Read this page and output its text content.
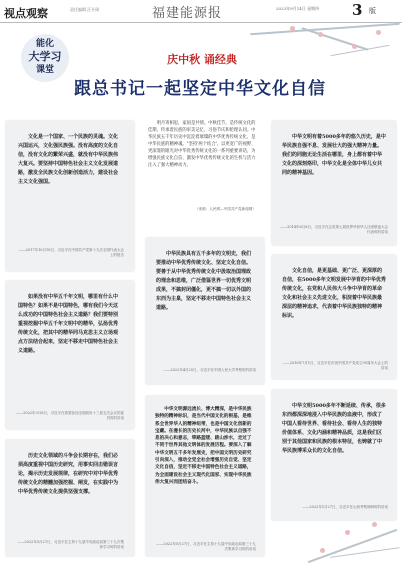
视点观察	责任编辑 汪开闻	福建能源报	2023年9月14日 星期四 3 版
能化
大学习
课堂
庆中秋 诵经典
跟总书记一起坚定中华文化自信
明月寄相思，家国是共情。中秋佳节，是传统文化的佳期，传承着民族的审美记忆、习俗节庆和伦理认同。中华民族五千年历史中沉淀着璀璨的中华优秀传统文化，是中华民族的精神魂。"坚持'两个结合'，以更宽广的视野、更深邃的眼光对中华优秀传统文化的一系列重要讲话，为增强民族文化自信、激发中华优秀传统文化的生机与活力注入了强大精神动力。
（来源：人民网—中国共产党新闻网）
文化是一个国家、一个民族的灵魂。文化兴国运兴，文化强民族强。没有高度的文化自信，没有文化的繁荣兴盛，就没有中华民族伟大复兴。要坚持中国特色社会主义文化发展道路，激发全民族文化创新创造活力，建设社会主义文化强国。
——2017年10月18日，习近平在中国共产党第十九次全国代表大会上的报告
中华文明有着5000多年的悠久历史，是中华民族自强不息、发展壮大的强大精神力量。我们的同胞无论生活在哪里，身上都有着中华文化的深刻烙印，中华文化是全体中华儿女共同的精神基因。
——2014年6月6日，习近平在会见第七届世界华侨华人社团联谊大会代表时的讲话
如果没有中华五千年文明，哪里有什么中国特色？如果不是中国特色，哪有我们今天这么成功的中国特色社会主义道路？我们要特别重视挖掘中华五千年文明中的精华，弘扬优秀传统文化，把其中的精华同马克思主义立场观点方法结合起来，坚定不移走中国特色社会主义道路。
——2022年3月6日，习近平在看望参加全国政协十三届五次会议的委员时的讲话
中华民族具有五千多年的文明史，我们要推动中华优秀传统文化、坚定文化自信。要善于从中华优秀传统文化中汲取治国理政的理念和思维，广泛借鉴世界一切优秀文明成果，不搞封闭僵化，更不搞一切以外国的东西为主臬，坚定不移走中国特色社会主义道路。
——2022年4月25日，习近平在中国人民大学考察时的讲话
文化自信，是更基础、更广泛、更深厚的自信，在5000多年文明发展中孕育的中华优秀传统文化，在党和人民伟大斗争中孕育的革命文化和社会主义先进文化，积淀着中华民族最深层的精神追求，代表着中华民族独特的精神标识。
——2016年7月1日，习近平在庆祝中国共产党成立95周年大会上的讲话
历史文化领域的斗争会长期存在，我们必须高度重视中国历史研究，用事实回击错误言论，揭示历史发展规律，在研究中对中华优秀传统文化的精髓加强挖掘、阐发，在实践中为中华优秀传统文化提供坚强支撑。
——2022年5月27日，习近平在主持十九届中央政治局第三十九次集体学习时的讲话
中华文明源远流长、博大精深，是中华民族独特的精神标识，是当代中国文化的根基，是维系全世界华人的精神纽带，也是中国文化创新的宝藏。在漫长的历史长河中，中华民族以自强不息的决心和意志，筚路蓝缕、跋山涉水，走过了不同于世界其他文明体的发展历程。要深入了解中华文明五千多年发展史，把中国文明历史研究引向深入，推动全党全社会增强历史自觉、坚定文化自信，坚定不移走中国特色社会主义道路，为全面建设社会主义现代化国家、实现中华民族伟大复兴而团结奋斗。
——2022年5月27日，习近平在主持十九届中央政治局第三十九次集体学习时的讲话
中华文明5000多年不断延续、传承，很多东西都深深地浸入中华民族的血液中，形成了中国人看待世界、看待社会、看待人生的独特价值体系、文化内涵和精神品质，这是我们区别于其他国家和民族的根本特征，也铸就了中华民族博采众长的文化自信。
——2022年1月27日，习近平在山西考察调研时的讲话
